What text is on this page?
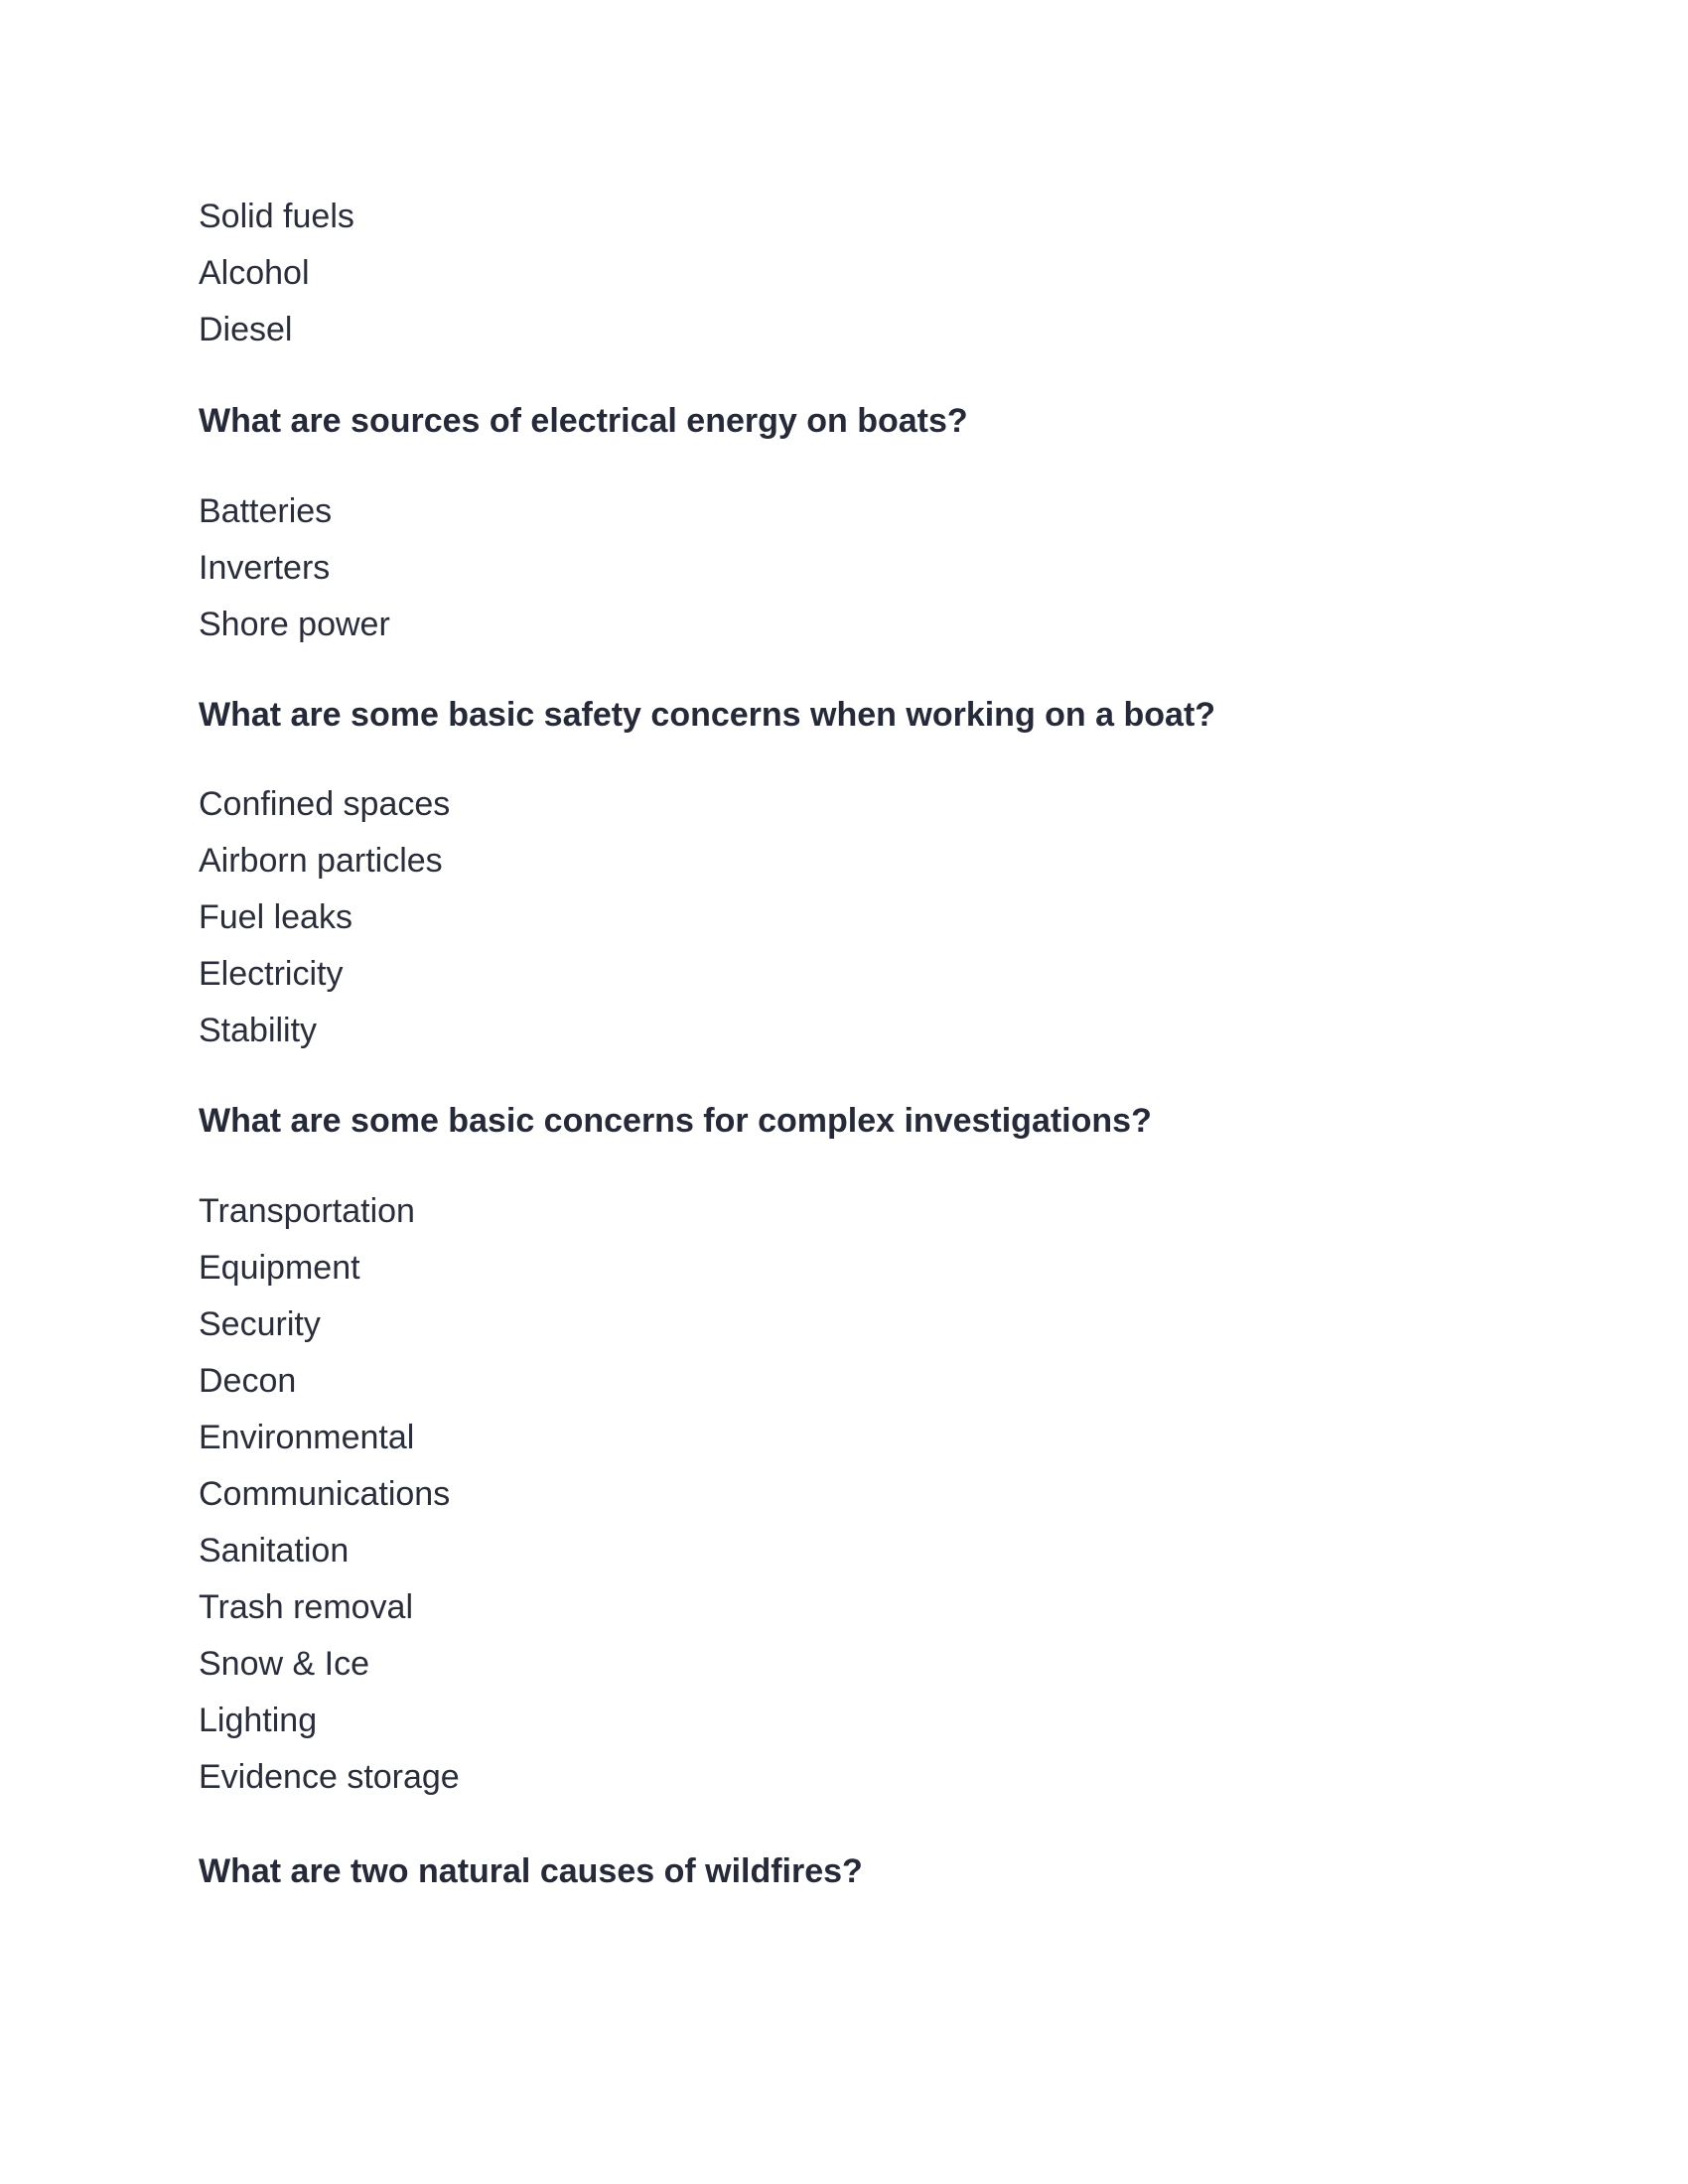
Solid fuels
Alcohol
Diesel
What are sources of electrical energy on boats?
Batteries
Inverters
Shore power
What are some basic safety concerns when working on a boat?
Confined spaces
Airborn particles
Fuel leaks
Electricity
Stability
What are some basic concerns for complex investigations?
Transportation
Equipment
Security
Decon
Environmental
Communications
Sanitation
Trash removal
Snow & Ice
Lighting
Evidence storage
What are two natural causes of wildfires?
